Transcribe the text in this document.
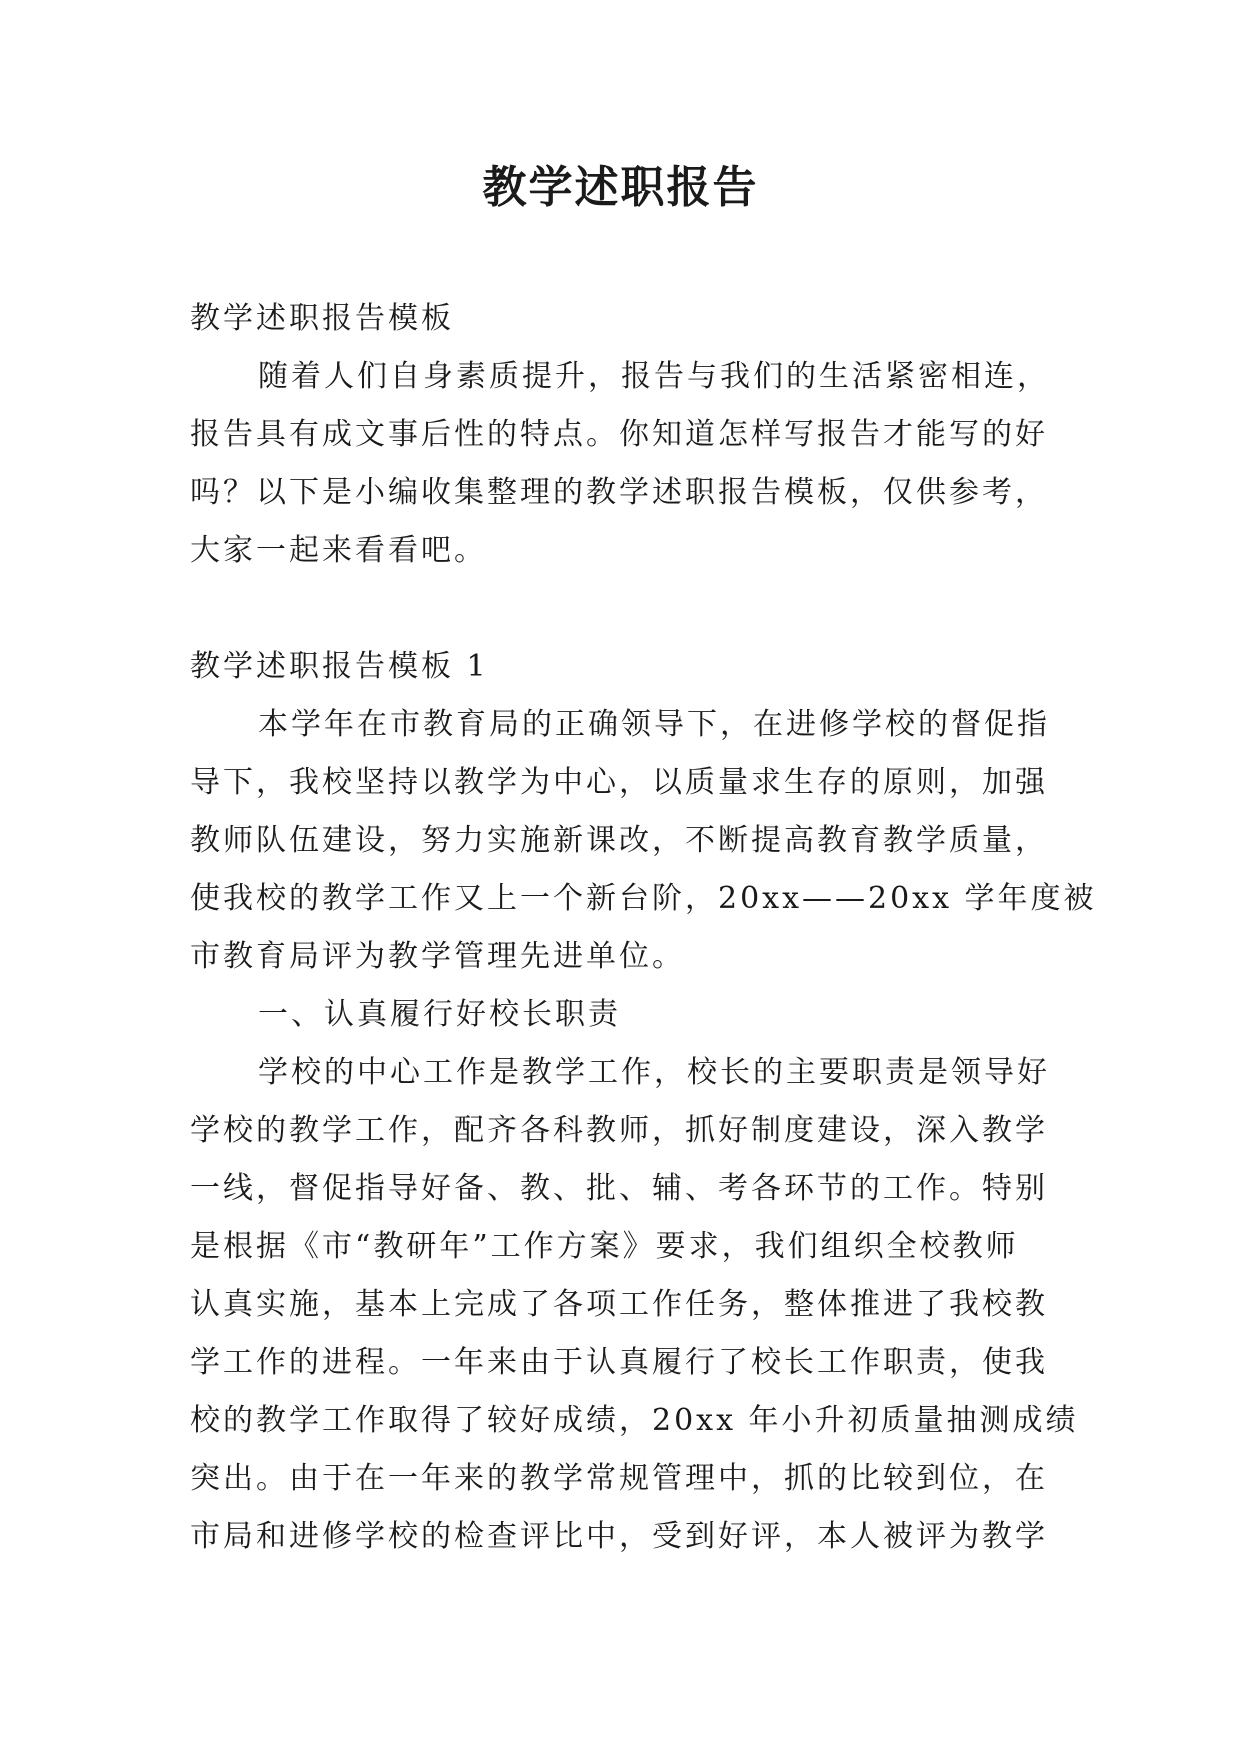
教学述职报告
教学述职报告模板
随着人们自身素质提升，报告与我们的生活紧密相连，
报告具有成文事后性的特点。你知道怎样写报告才能写的好
吗？以下是小编收集整理的教学述职报告模板，仅供参考，
大家一起来看看吧。
教学述职报告模板 1
本学年在市教育局的正确领导下，在进修学校的督促指
导下，我校坚持以教学为中心，以质量求生存的原则，加强
教师队伍建设，努力实施新课改，不断提高教育教学质量，
使我校的教学工作又上一个新台阶，20xx——20xx 学年度被
市教育局评为教学管理先进单位。
一、认真履行好校长职责
学校的中心工作是教学工作，校长的主要职责是领导好
学校的教学工作，配齐各科教师，抓好制度建设，深入教学
一线，督促指导好备、教、批、辅、考各环节的工作。特别
是根据《市“教研年”工作方案》要求，我们组织全校教师
认真实施，基本上完成了各项工作任务，整体推进了我校教
学工作的进程。一年来由于认真履行了校长工作职责，使我
校的教学工作取得了较好成绩，20xx 年小升初质量抽测成绩
突出。由于在一年来的教学常规管理中，抓的比较到位，在
市局和进修学校的检查评比中，受到好评，本人被评为教学
